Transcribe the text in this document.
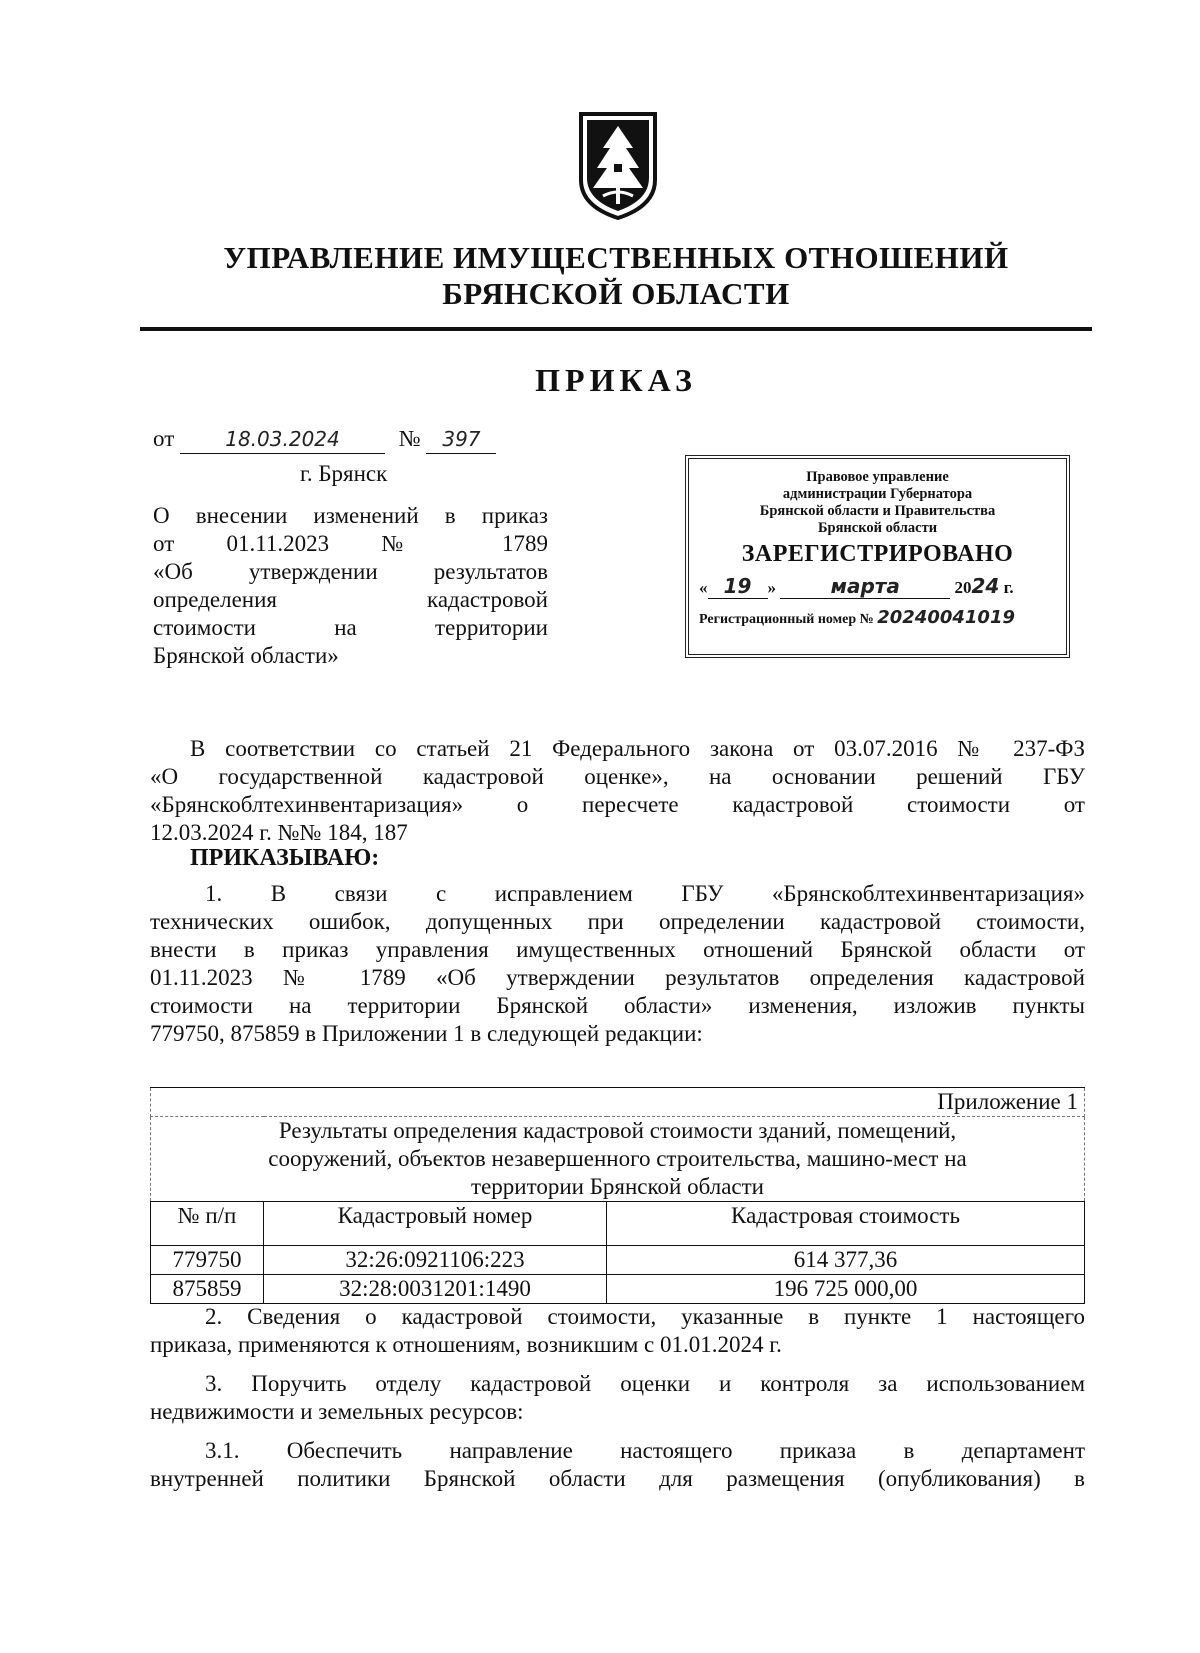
УПРАВЛЕНИЕ ИМУЩЕСТВЕННЫХ ОТНОШЕНИЙ
БРЯНСКОЙ ОБЛАСТИ
ПРИКАЗ
от	18.03.2024	№ 397
г. Брянск	Правовое управление
администрации Губернатора
Брянской области и Правительства
Брянской области
ЗАРЕГИСТРИРОВАНО
« 19 »	марта	2024 г.
Регистрационный номер № 20240041019
О внесении изменений в приказ
от 01.11.2023 № 1789
«Об утверждении результатов
определения кадастровой
стоимости на территории
Брянской области»
В соответствии со статьей 21 Федерального закона от 03.07.2016 № 237-ФЗ
«О государственной кадастровой оценке», на основании решений ГБУ
«Брянскоблтехинвентаризация» о пересчете кадастровой стоимости от
12.03.2024 г. №№ 184, 187
ПРИКАЗЫВАЮ:
1. В связи с исправлением ГБУ «Брянскоблтехинвентаризация»
технических ошибок, допущенных при определении кадастровой стоимости,
внести в приказ управления имущественных отношений Брянской области от
01.11.2023 № 1789 «Об утверждении результатов определения кадастровой
стоимости на территории Брянской области» изменения, изложив пункты
779750, 875859 в Приложении 1 в следующей редакции:
Приложение 1		

Результаты определения кадастровой стоимости зданий, помещений,
сооружений, объектов незавершенного строительства, машино-мест на
территории Брянской области		

№ п/п	Кадастровый номер	Кадастровая стоимость
779750	32:26:0921106:223	614 377,36
875859	32:28:0031201:1490	196 725 000,00
2. Сведения о кадастровой стоимости, указанные в пункте 1 настоящего
приказа, применяются к отношениям, возникшим с 01.01.2024 г.
3. Поручить отделу кадастровой оценки и контроля за использованием
недвижимости и земельных ресурсов:
3.1. Обеспечить направление настоящего приказа в департамент
внутренней политики Брянской области для размещения (опубликования) в
